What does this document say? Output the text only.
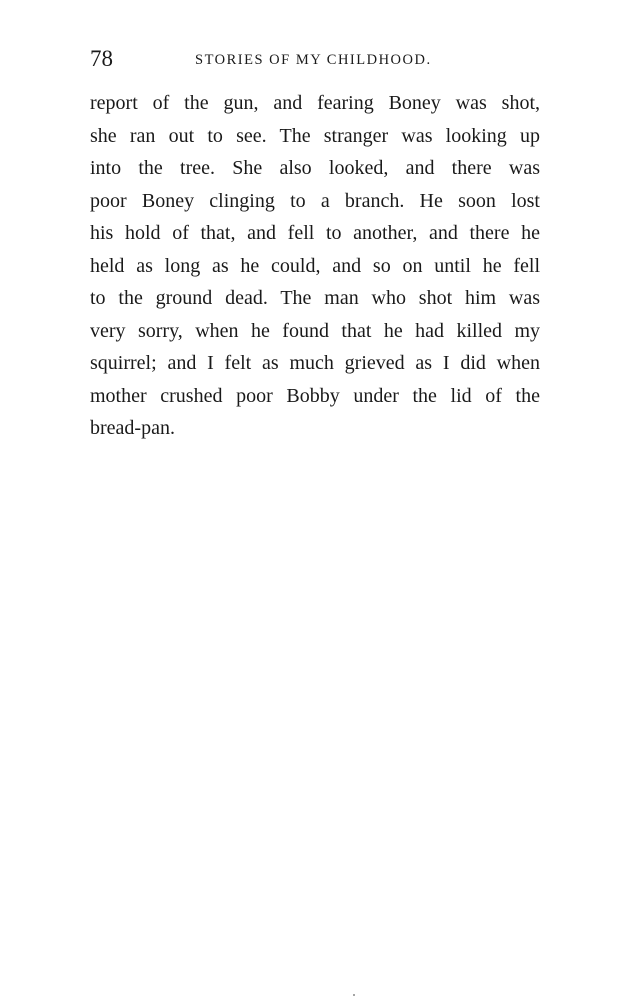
78	STORIES OF MY CHILDHOOD.
report of the gun, and fearing Boney was shot,
she ran out to see. The stranger was looking up
into the tree. She also looked, and there was
poor Boney clinging to a branch. He soon lost
his hold of that, and fell to another, and there he
held as long as he could, and so on until he fell
to the ground dead. The man who shot him was
very sorry, when he found that he had killed my
squirrel; and I felt as much grieved as I did when
mother crushed poor Bobby under the lid of the
bread-pan.
